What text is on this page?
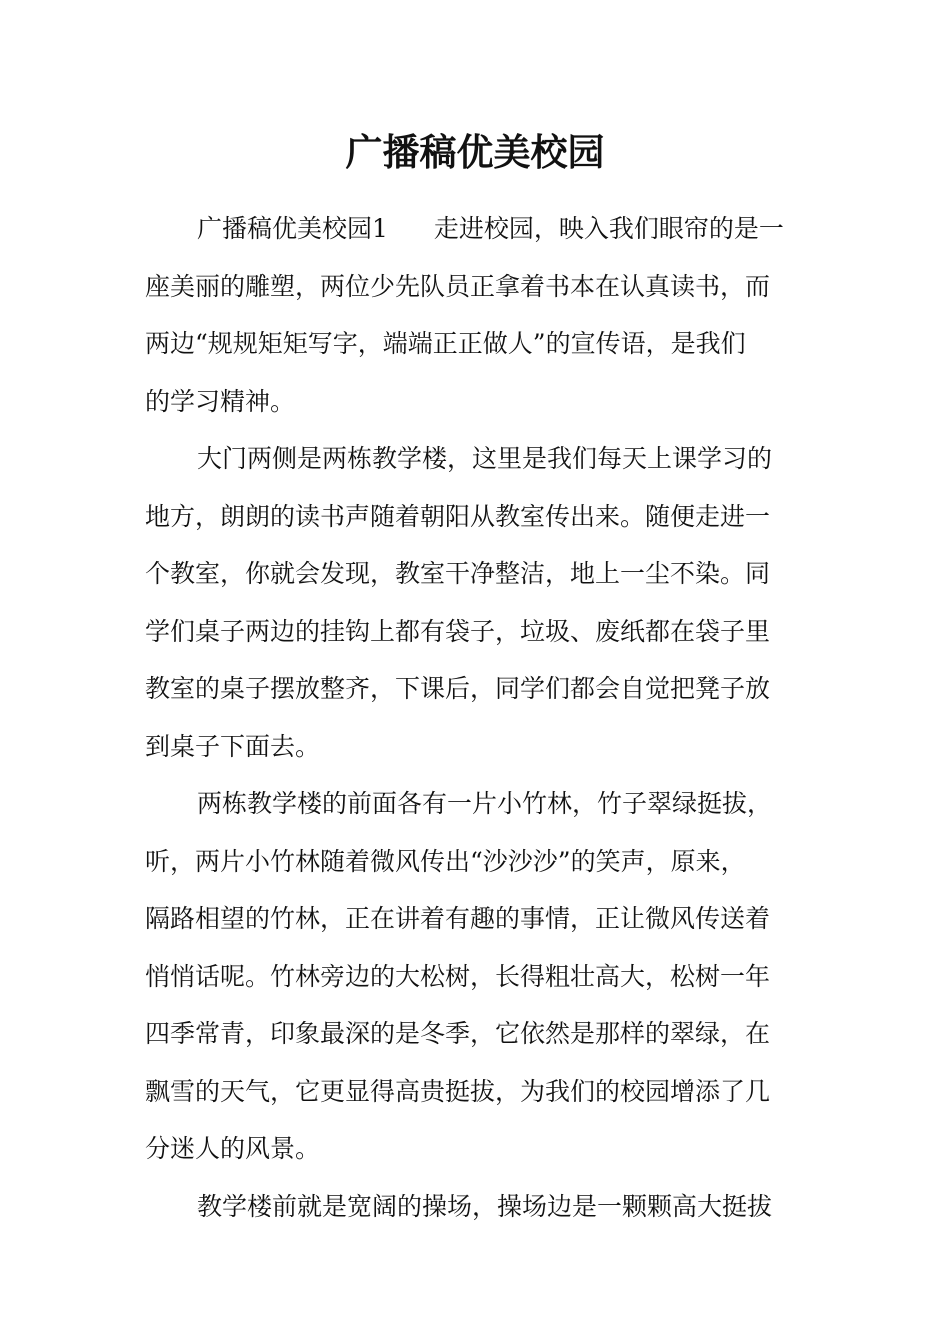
广播稿优美校园
广播稿优美校园1 走进校园，映入我们眼帘的是一
座美丽的雕塑，两位少先队员正拿着书本在认真读书，而
两边“规规矩矩写字，端端正正做人”的宣传语，是我们
的学习精神。
大门两侧是两栋教学楼，这里是我们每天上课学习的
地方，朗朗的读书声随着朝阳从教室传出来。随便走进一
个教室，你就会发现，教室干净整洁，地上一尘不染。同
学们桌子两边的挂钩上都有袋子，垃圾、废纸都在袋子里
教室的桌子摆放整齐，下课后，同学们都会自觉把凳子放
到桌子下面去。
两栋教学楼的前面各有一片小竹林，竹子翠绿挺拔，
听，两片小竹林随着微风传出“沙沙沙”的笑声，原来，
隔路相望的竹林，正在讲着有趣的事情，正让微风传送着
悄悄话呢。竹林旁边的大松树，长得粗壮高大，松树一年
四季常青，印象最深的是冬季，它依然是那样的翠绿，在
飘雪的天气，它更显得高贵挺拔，为我们的校园增添了几
分迷人的风景。
教学楼前就是宽阔的操场，操场边是一颗颗高大挺拔
